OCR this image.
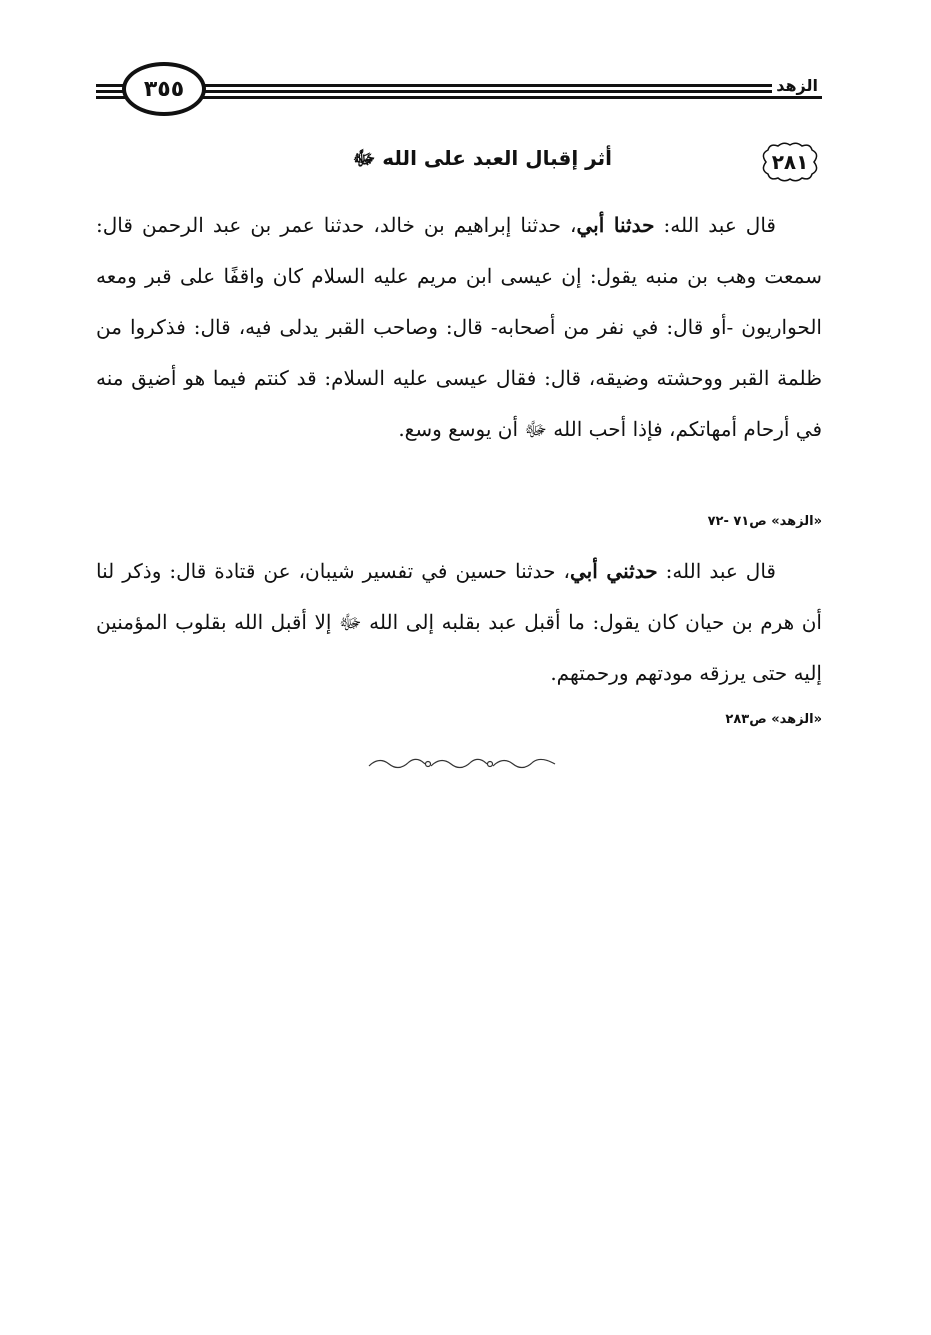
٣٥٥	الزهد
٢٨١
أثر إقبال العبد على الله ﷻ

قال عبد الله: حدثنا أبي، حدثنا إبراهيم بن خالد، حدثنا عمر بن عبد الرحمن قال: سمعت وهب بن منبه يقول: إن عيسى ابن مريم عليه السلام كان واقفًا على قبر ومعه الحواريون -أو قال: في نفر من أصحابه- قال: وصاحب القبر يدلى فيه، قال: فذكروا من ظلمة القبر ووحشته وضيقه، قال: فقال عيسى عليه السلام: قد كنتم فيما هو أضيق منه في أرحام أمهاتكم، فإذا أحب الله ﷻ أن يوسع وسع.

«الزهد» ص٧١ -٧٢

قال عبد الله: حدثني أبي، حدثنا حسين في تفسير شيبان، عن قتادة قال: وذكر لنا أن هرم بن حيان كان يقول: ما أقبل عبد بقلبه إلى الله ﷻ إلا أقبل الله بقلوب المؤمنين إليه حتى يرزقه مودتهم ورحمتهم.

«الزهد» ص٢٨٣
